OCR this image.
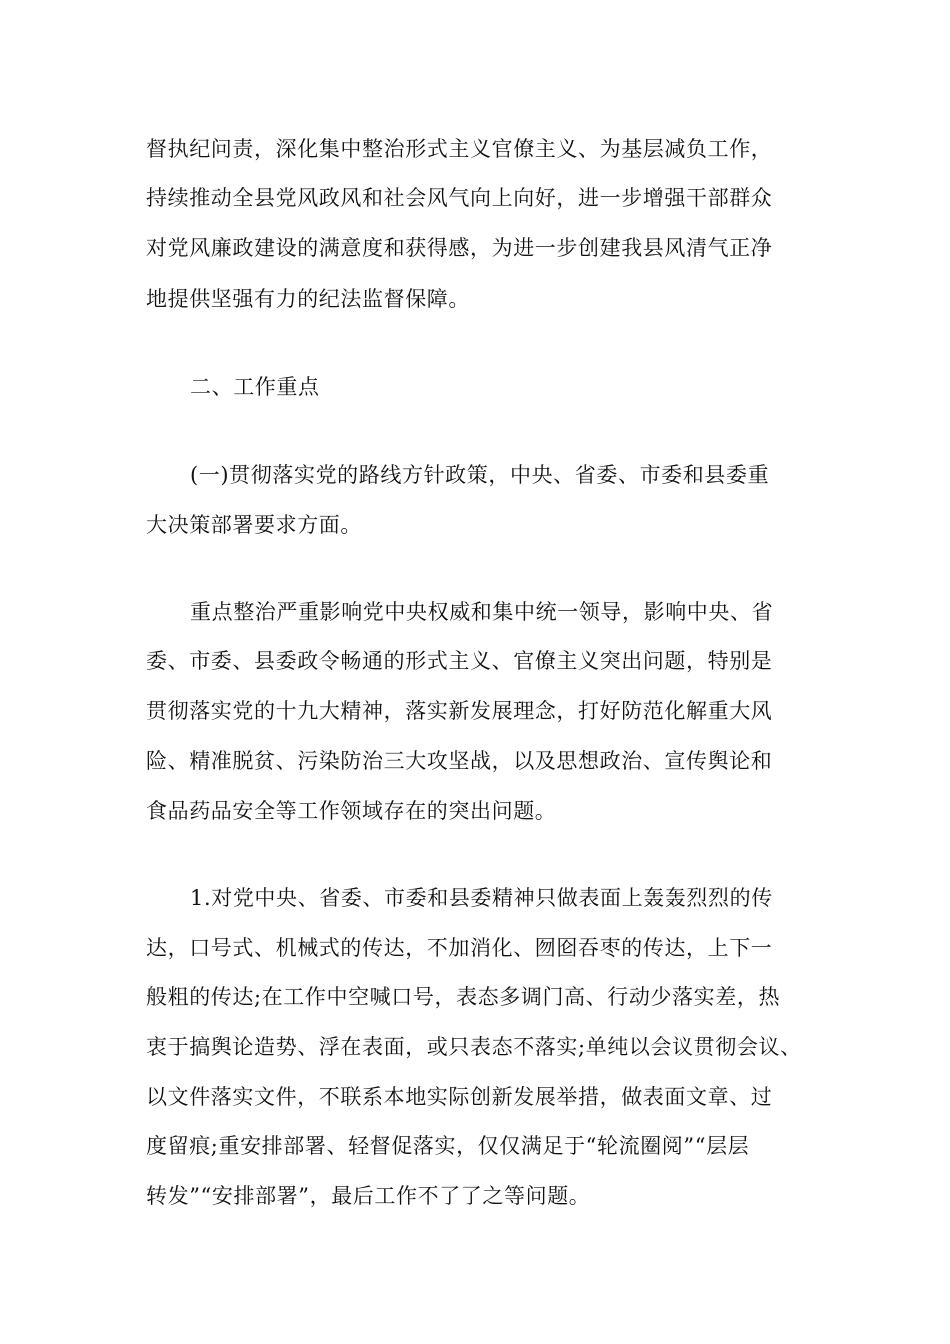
督执纪问责，深化集中整治形式主义官僚主义、为基层减负工作，
持续推动全县党风政风和社会风气向上向好，进一步增强干部群众
对党风廉政建设的满意度和获得感，为进一步创建我县风清气正净
地提供坚强有力的纪法监督保障。
二、工作重点
(一)贯彻落实党的路线方针政策，中央、省委、市委和县委重
大决策部署要求方面。
重点整治严重影响党中央权威和集中统一领导，影响中央、省
委、市委、县委政令畅通的形式主义、官僚主义突出问题，特别是
贯彻落实党的十九大精神，落实新发展理念，打好防范化解重大风
险、精准脱贫、污染防治三大攻坚战，以及思想政治、宣传舆论和
食品药品安全等工作领域存在的突出问题。
1.对党中央、省委、市委和县委精神只做表面上轰轰烈烈的传
达，口号式、机械式的传达，不加消化、囫囵吞枣的传达，上下一
般粗的传达;在工作中空喊口号，表态多调门高、行动少落实差，热
衷于搞舆论造势、浮在表面，或只表态不落实;单纯以会议贯彻会议、
以文件落实文件，不联系本地实际创新发展举措，做表面文章、过
度留痕;重安排部署、轻督促落实，仅仅满足于“轮流圈阅”“层层
转发”“安排部署”，最后工作不了了之等问题。
